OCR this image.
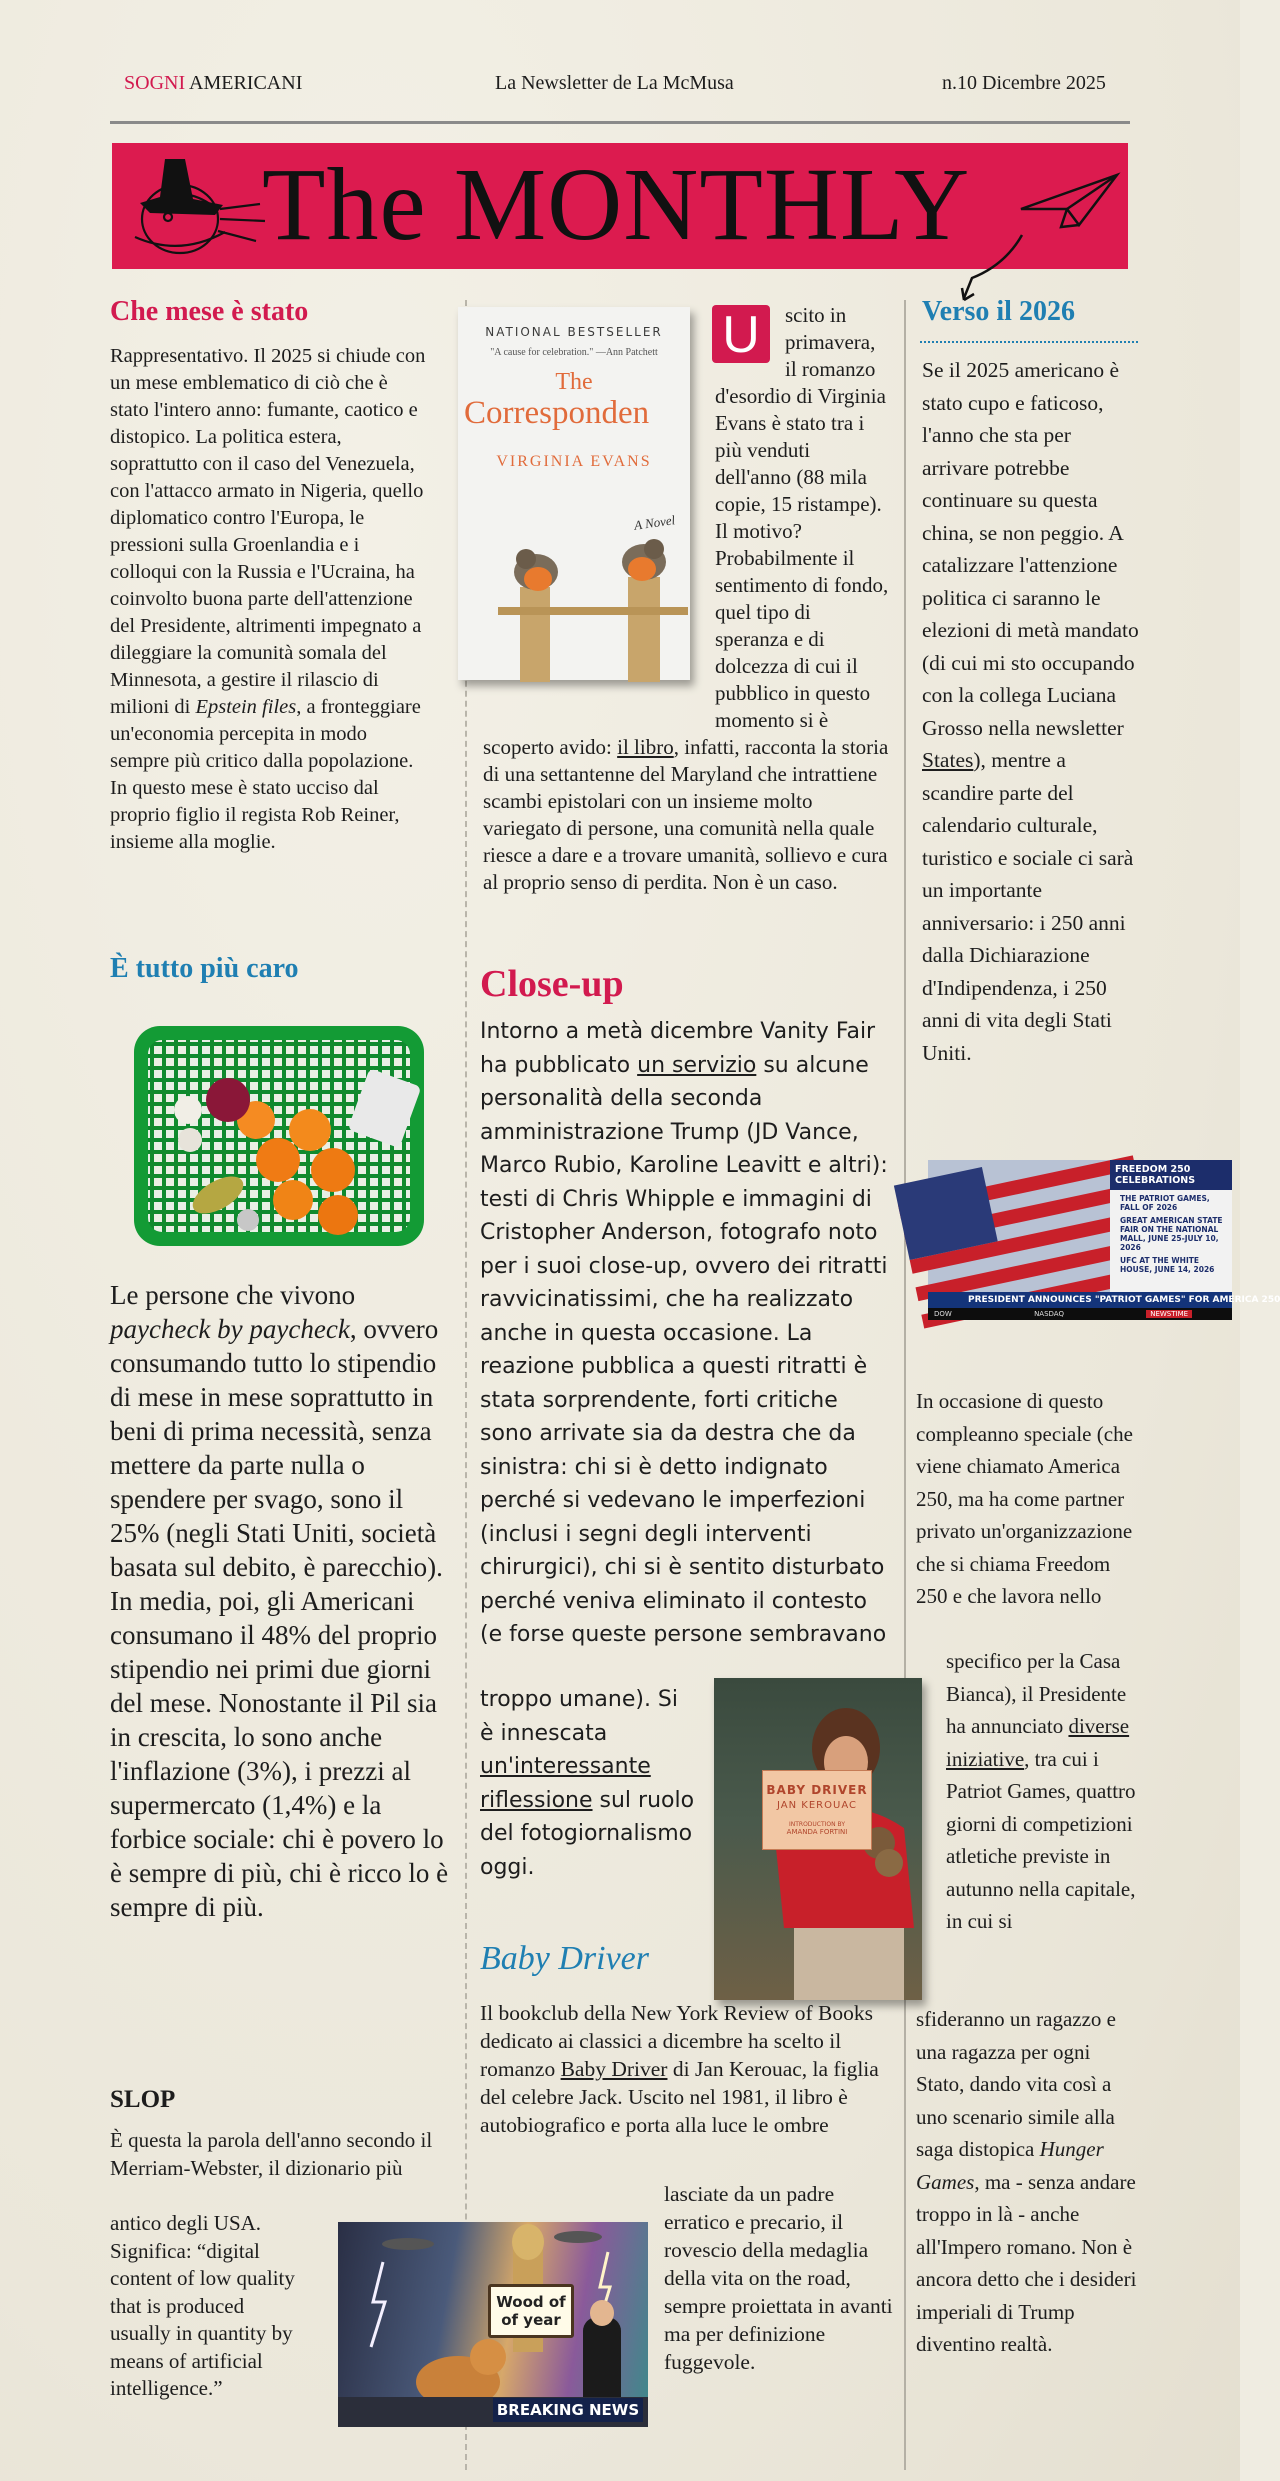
SOGNI AMERICANI	La Newsletter de La McMusa	n.10 Dicembre 2025
The MONTHLY
Che mese è stato
Rappresentativo. Il 2025 si chiude con un mese emblematico di ciò che è stato l'intero anno: fumante, caotico e distopico. La politica estera, soprattutto con il caso del Venezuela, con l'attacco armato in Nigeria, quello diplomatico contro l'Europa, le pressioni sulla Groenlandia e i colloqui con la Russia e l'Ucraina, ha coinvolto buona parte dell'attenzione del Presidente, altrimenti impegnato a dileggiare la comunità somala del Minnesota, a gestire il rilascio di milioni di Epstein files, a fronteggiare un'economia percepita in modo sempre più critico dalla popolazione. In questo mese è stato ucciso dal proprio figlio il regista Rob Reiner, insieme alla moglie.
È tutto più caro
Le persone che vivono paycheck by paycheck, ovvero consumando tutto lo stipendio di mese in mese soprattutto in beni di prima necessità, senza mettere da parte nulla o spendere per svago, sono il 25% (negli Stati Uniti, società basata sul debito, è parecchio). In media, poi, gli Americani consumano il 48% del proprio stipendio nei primi due giorni del mese. Nonostante il Pil sia in crescita, lo sono anche l'inflazione (3%), i prezzi al supermercato (1,4%) e la forbice sociale: chi è povero lo è sempre di più, chi è ricco lo è sempre di più.
SLOP
È questa la parola dell'anno secondo il Merriam-Webster, il dizionario più
antico degli USA. Significa: “digital content of low quality that is produced usually in quantity by means of artificial intelligence.”
Wood of
of year
BREAKING NEWS
NATIONAL BESTSELLER
"A cause for celebration." —Ann Patchett
The
Corresponden
VIRGINIA EVANS
A Novel
U	scito in primavera, il romanzo d'esordio di Virginia Evans è stato tra i più venduti dell'anno (88 mila copie, 15 ristampe). Il motivo? Probabilmente il sentimento di fondo, quel tipo di speranza e di dolcezza di cui il pubblico in questo momento si è scoperto avido: il libro, infatti, racconta la storia di una settantenne del Maryland che intrattiene scambi epistolari con un insieme molto variegato di persone, una comunità nella quale riesce a dare e a trovare umanità, sollievo e cura al proprio senso di perdita. Non è un caso.
Close-up
Intorno a metà dicembre Vanity Fair ha pubblicato un servizio su alcune personalità della seconda amministrazione Trump (JD Vance, Marco Rubio, Karoline Leavitt e altri): testi di Chris Whipple e immagini di Cristopher Anderson, fotografo noto per i suoi close-up, ovvero dei ritratti ravvicinatissimi, che ha realizzato anche in questa occasione. La reazione pubblica a questi ritratti è stata sorprendente, forti critiche sono arrivate sia da destra che da sinistra: chi si è detto indignato perché si vedevano le imperfezioni (inclusi i segni degli interventi chirurgici), chi si è sentito disturbato perché veniva eliminato il contesto (e forse queste persone sembravano
troppo umane). Si è innescata un'interessante riflessione sul ruolo del fotogiornalismo oggi.
BABY DRIVER
JAN KEROUAC
INTRODUCTION BY
AMANDA FORTINI
Baby Driver
Il bookclub della New York Review of Books dedicato ai classici a dicembre ha scelto il romanzo Baby Driver di Jan Kerouac, la figlia del celebre Jack. Uscito nel 1981, il libro è autobiografico e porta alla luce le ombre
lasciate da un padre erratico e precario, il rovescio della medaglia della vita on the road, sempre proiettata in avanti ma per definizione fuggevole.
Verso il 2026
Se il 2025 americano è stato cupo e faticoso, l'anno che sta per arrivare potrebbe continuare su questa china, se non peggio. A catalizzare l'attenzione politica ci saranno le elezioni di metà mandato (di cui mi sto occupando con la collega Luciana Grosso nella newsletter States), mentre a scandire parte del calendario culturale, turistico e sociale ci sarà un importante anniversario: i 250 anni dalla Dichiarazione d'Indipendenza, i 250 anni di vita degli Stati Uniti.
FREEDOM 250 CELEBRATIONS
THE PATRIOT GAMES, FALL OF 2026
GREAT AMERICAN STATE FAIR ON THE NATIONAL MALL, JUNE 25-JULY 10, 2026
UFC AT THE WHITE HOUSE, JUNE 14, 2026
PRESIDENT ANNOUNCES "PATRIOT GAMES" FOR AMERICA 250
DOW	NASDAQ	NEWSTIME
In occasione di questo compleanno speciale (che viene chiamato America 250, ma ha come partner privato un'organizzazione che si chiama Freedom 250 e che lavora nello
specifico per la Casa Bianca), il Presidente ha annunciato diverse iniziative, tra cui i Patriot Games, quattro giorni di competizioni atletiche previste in autunno nella capitale, in cui si
sfideranno un ragazzo e una ragazza per ogni Stato, dando vita così a uno scenario simile alla saga distopica Hunger Games, ma - senza andare troppo in là - anche all'Impero romano. Non è ancora detto che i desideri imperiali di Trump diventino realtà.
